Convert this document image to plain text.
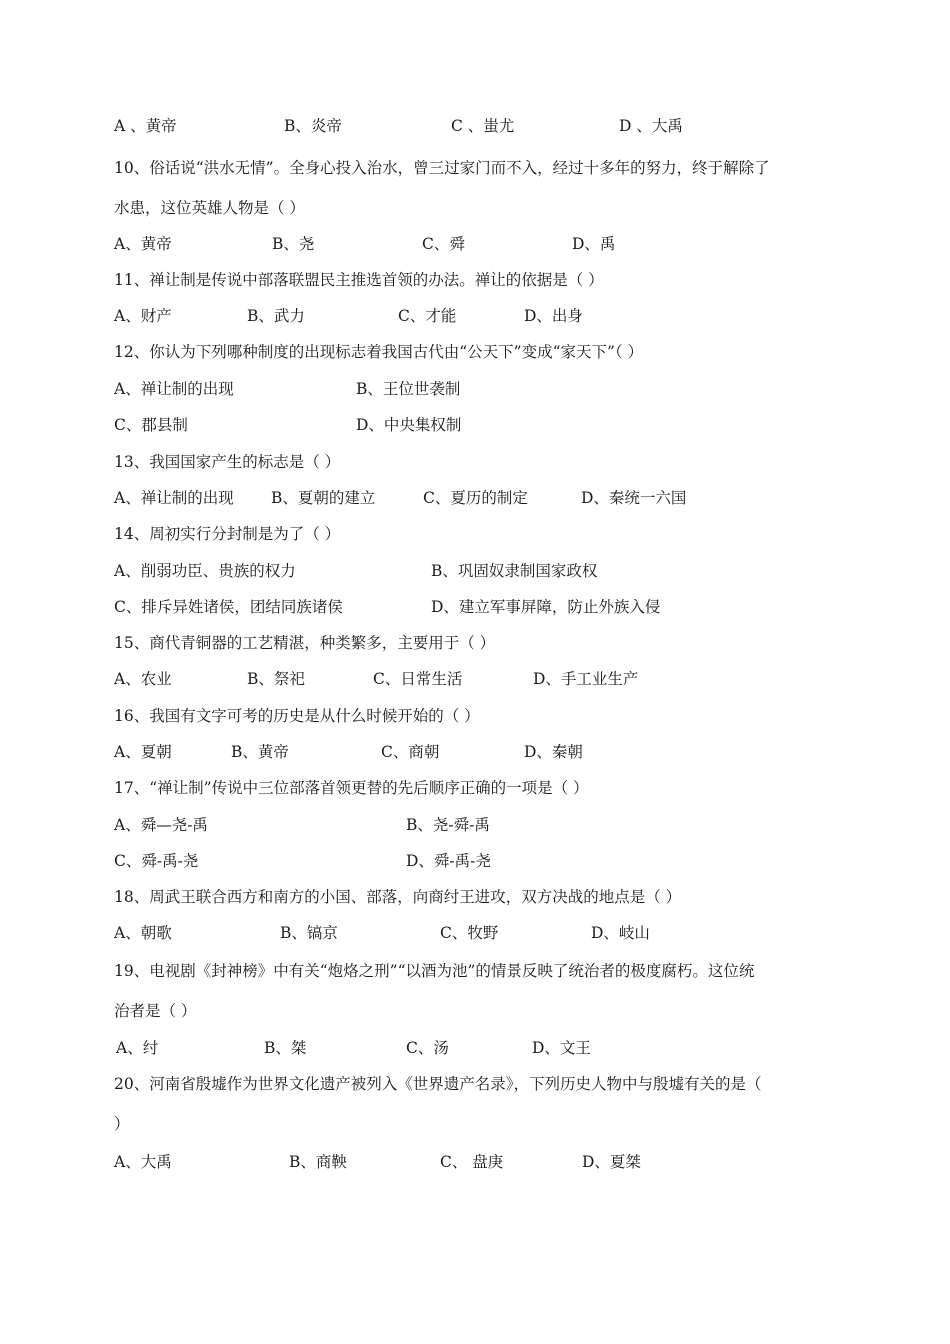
A 、黄帝	B、炎帝	C 、蚩尤	D 、大禹
10、俗话说“洪水无情”。全身心投入治水，曾三过家门而不入，经过十多年的努力，终于解除了
水患，这位英雄人物是（ ）
A、黄帝	B、尧	C、舜	D、禹
11、禅让制是传说中部落联盟民主推选首领的办法。禅让的依据是（ ）
A、财产	B、武力	C、才能	D、出身
12、你认为下列哪种制度的出现标志着我国古代由“公天下”变成“家天下”（ ）
A、禅让制的出现	B、王位世袭制
C、郡县制	D、中央集权制
13、我国国家产生的标志是（ ）
A、禅让制的出现 B、夏朝的建立	C、夏历的制定	D、秦统一六国
14、周初实行分封制是为了（ ）
A、削弱功臣、贵族的权力	B、巩固奴隶制国家政权
C、排斥异姓诸侯，团结同族诸侯	D、建立军事屏障，防止外族入侵
15、商代青铜器的工艺精湛，种类繁多，主要用于（ ）
A、农业	B、祭祀	C、日常生活	D、手工业生产
16、我国有文字可考的历史是从什么时候开始的（ ）
A、夏朝	B、黄帝	C、商朝	D、秦朝
17、“禅让制”传说中三位部落首领更替的先后顺序正确的一项是（ ）
A、舜—尧-禹	B、尧-舜-禹
C、舜-禹-尧	D、舜-禹-尧
18、周武王联合西方和南方的小国、部落，向商纣王进攻，双方决战的地点是（ ）
A、朝歌	B、镐京	C、牧野	D、岐山
19、电视剧《封神榜》中有关“炮烙之刑”“以酒为池”的情景反映了统治者的极度腐朽。这位统
治者是（ ）
A、纣	B、桀	C、汤	D、文王
20、河南省殷墟作为世界文化遗产被列入《世界遗产名录》，下列历史人物中与殷墟有关的是（
）
A、大禹	B、商鞅	C、 盘庚	D、夏桀
